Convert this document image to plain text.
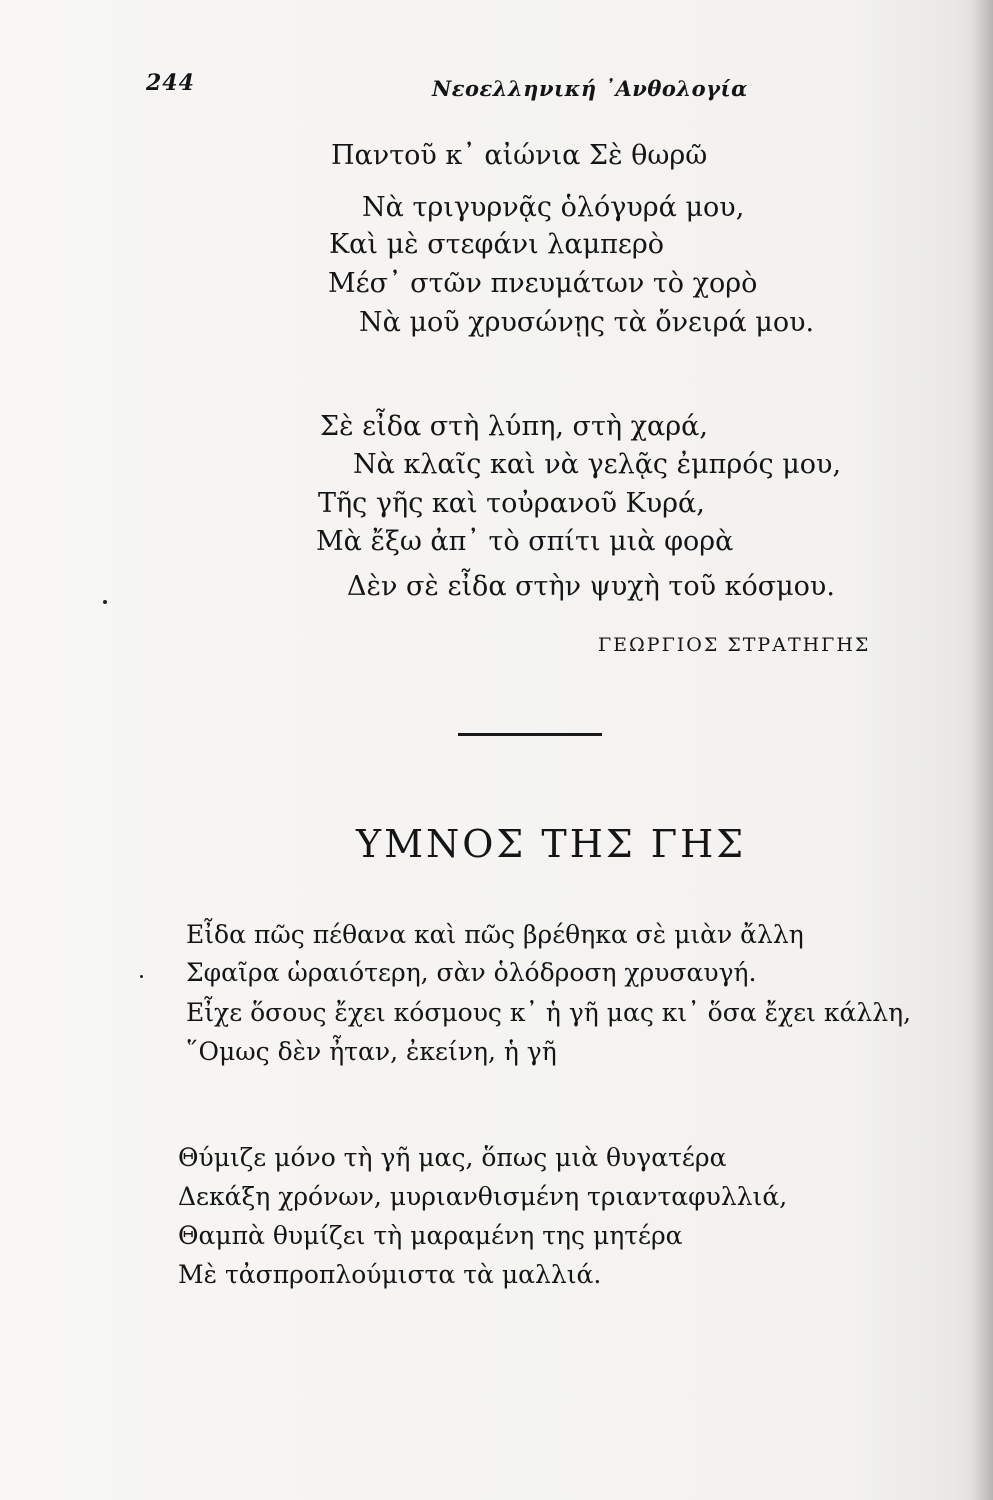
244	Νεοελληνική ᾿Ανθολογία
Παντοῦ κ᾿ αἰώνια Σὲ θωρῶ
Νὰ τριγυρνᾷς ὁλόγυρά μου,
Καὶ μὲ στεφάνι λαμπερὸ
Μέσ᾿ στῶν πνευμάτων τὸ χορὸ
Νὰ μοῦ χρυσώνῃς τὰ ὄνειρά μου.
Σὲ εἶδα στὴ λύπη, στὴ χαρά,
Νὰ κλαῖς καὶ νὰ γελᾷς ἐμπρός μου,
Τῆς γῆς καὶ τοὐρανοῦ Κυρά,
Μὰ ἔξω ἀπ᾿ τὸ σπίτι μιὰ φορὰ
Δὲν σὲ εἶδα στὴν ψυχὴ τοῦ κόσμου.
ΓΕΩΡΓΙΟΣ ΣΤΡΑΤΗΓΗΣ
ΥΜΝΟΣ ΤΗΣ ΓΗΣ
Εἶδα πῶς πέθανα καὶ πῶς βρέθηκα σὲ μιὰν ἄλλη
Σφαῖρα ὡραιότερη, σὰν ὁλόδροση χρυσαυγή.
Εἶχε ὅσους ἔχει κόσμους κ᾿ ἡ γῆ μας κι᾿ ὅσα ἔχει κάλλη,
῞Ομως δὲν ἦταν, ἐκείνη, ἡ γῆ
Θύμιζε μόνο τὴ γῆ μας, ὅπως μιὰ θυγατέρα
Δεκάξη χρόνων, μυριανθισμένη τριανταφυλλιά,
Θαμπὰ θυμίζει τὴ μαραμένη της μητέρα
Μὲ τἀσπροπλούμιστα τὰ μαλλιά.
